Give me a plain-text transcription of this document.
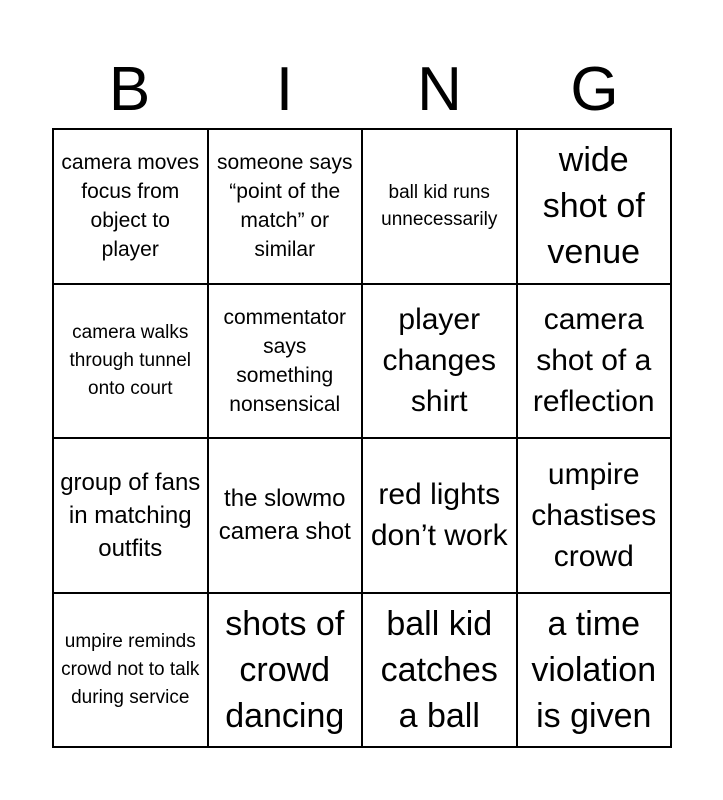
B	I	N	G
camera moves focus from object to player
someone says “point of the match” or similar
ball kid runs unnecessarily
wide shot of venue
camera walks through tunnel onto court
commentator says something nonsensical
player changes shirt
camera shot of a reflection
group of fans in matching outfits
the slowmo camera shot
red lights don’t work
umpire chastises crowd
umpire reminds crowd not to talk during service
shots of crowd dancing
ball kid catches a ball
a time violation is given
